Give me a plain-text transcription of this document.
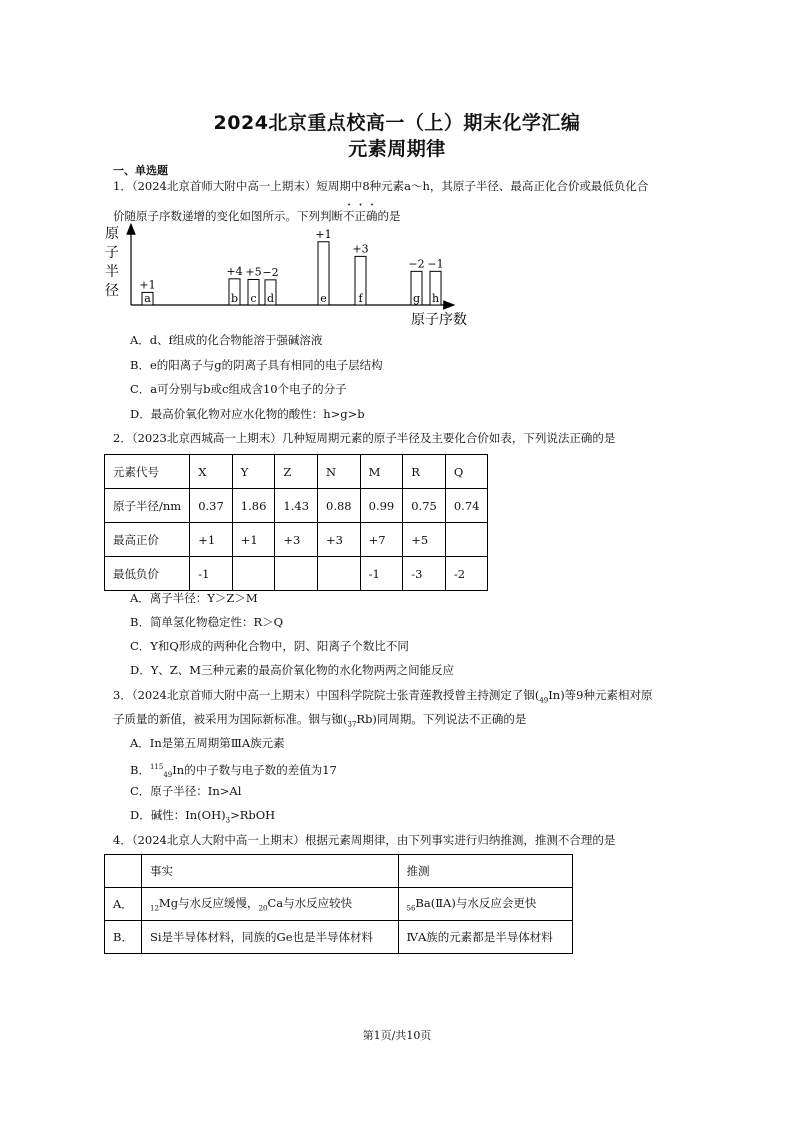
2024北京重点校高一（上）期末化学汇编
元素周期律
一、单选题
1．（2024北京首师大附中高一上期末）短周期中8种元素a～h，其原子半径、最高正化合价或最低负化合
价随原子序数递增的变化如图所示。下列判断不正确的是
原
子
半
径
原子序数
a
+1
b
+4
c
+5
d
−2
e
+1
f
+3
g
−2
h
−1
A．d、f组成的化合物能溶于强碱溶液
B．e的阳离子与g的阴离子具有相同的电子层结构
C．a可分别与b或c组成含10个电子的分子
D．最高价氧化物对应水化物的酸性：h>g>b
2．（2023北京西城高一上期末）几种短周期元素的原子半径及主要化合价如表，下列说法正确的是
元素代号	X	Y	Z	N	M	R	Q
原子半径/nm	0.37	1.86	1.43	0.88	0.99	0.75	0.74
最高正价	+1	+1	+3	+3	+7	+5	
最低负价	-1				-1	-3	-2
A．离子半径：Y＞Z＞M
B．简单氢化物稳定性：R＞Q
C．Y和Q形成的两种化合物中，阴、阳离子个数比不同
D．Y、Z、M三种元素的最高价氧化物的水化物两两之间能反应
3．（2024北京首师大附中高一上期末）中国科学院院士张青莲教授曾主持测定了铟$(_{49}In)$等9种元素相对原
子质量的新值，被采用为国际新标准。铟与铷$(_{37}Rb)$同周期。下列说法不正确的是
A．In是第五周期第ⅢA族元素
B．$^{115}_{49}$In的中子数与电子数的差值为17
C．原子半径：In>Al
D．碱性：$In(OH)_3>RbOH$
4．（2024北京人大附中高一上期末）根据元素周期律，由下列事实进行归纳推测，推测不合理的是
	事实	推测
A．	$_{12}$Mg与水反应缓慢，$_{20}$Ca与水反应较快	$_{56}$Ba(ⅡA)与水反应会更快
B．	Si是半导体材料，同族的Ge也是半导体材料	ⅣA族的元素都是半导体材料
第1页/共10页
